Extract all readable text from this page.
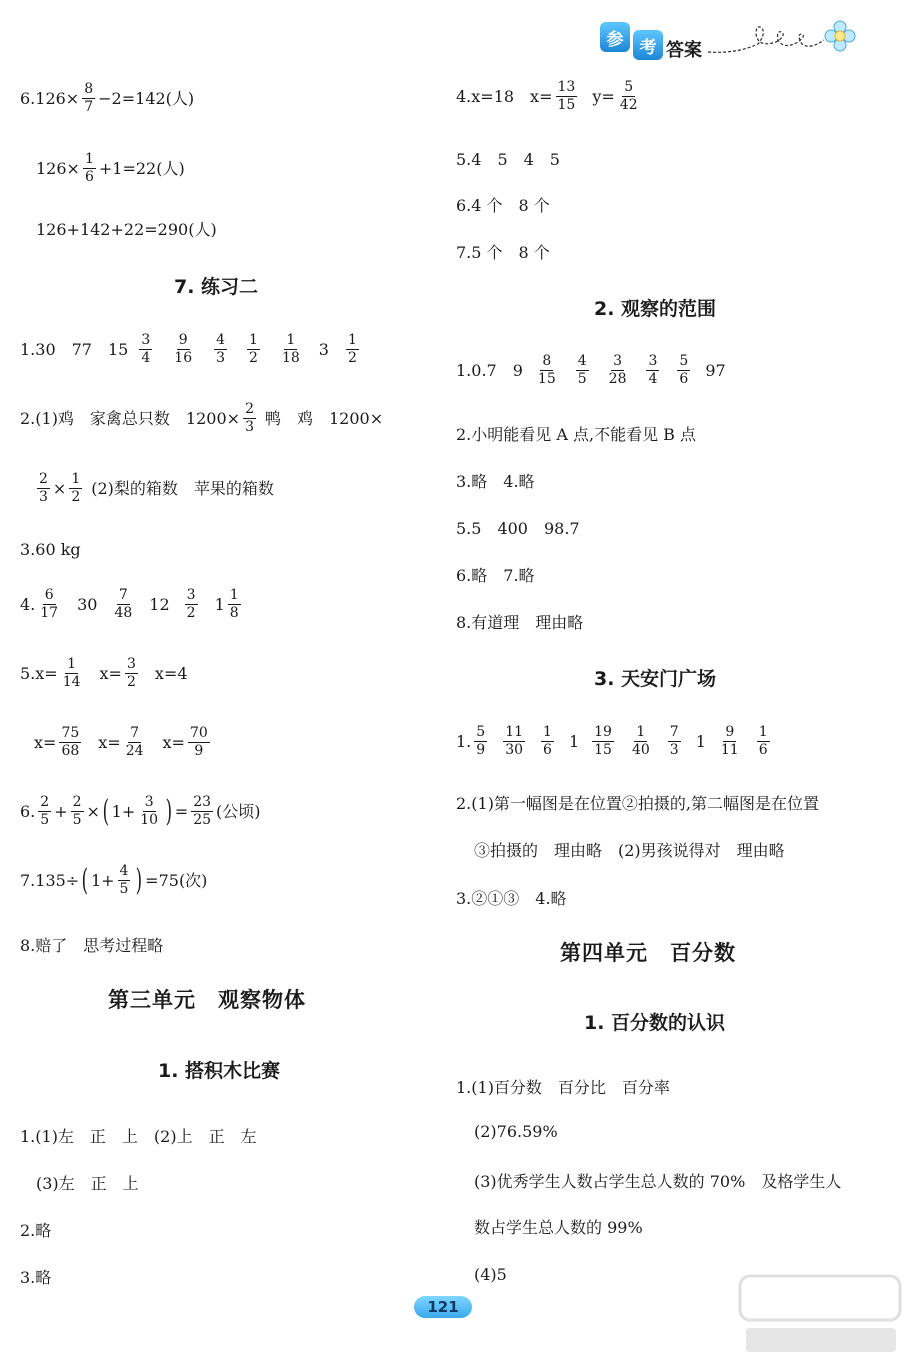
参 考 答案
$6.126\times \frac{8}{7} -2=142$(人)
$126\times \frac{1}{6} +1=22$(人)
126+142+22=290(人)
7. 练习二
1.30　77　$15 \frac{3}{4} \frac{9}{16} \frac{4}{3} \frac{1}{2} \frac{1}{18} 3 \frac{1}{2}$
2.(1)鸡　家禽总只数　$1200\times \frac{2}{3}$ 鸭　鸡　1200×
$\frac{2}{3} \times \frac{1}{2} (2)$梨的箱数　苹果的箱数
3.60 kg
4. $\frac{6}{17} 30 \frac{7}{48} 12 \frac{3}{2} 1 \frac{1}{8}$
$5.x= \frac{1}{14} x= \frac{3}{2} x=4$
$x= \frac{75}{68} x= \frac{7}{24} x= \frac{70}{9}$
6. $\frac{2}{5} + \frac{2}{5}$ × ( $1+ \frac{3}{10}$ ) = $\frac{23}{25}$ (公顷)
7.135÷ ( $1+ \frac{4}{5}$ ) =75(次)
8.赔了　思考过程略
第三单元　观察物体
1. 搭积木比赛
1.(1)左　正　上　(2)上　正　左
(3)左　正　上
2.略
3.略
4.x=18　$x= \frac{13}{15} y= \frac{5}{42}$
5.4　5　4　5
6.4 个　8 个
7.5 个　8 个
2. 观察的范围
1.0.7　$9 \frac{8}{15} \frac{4}{5} \frac{3}{28} \frac{3}{4} \frac{5}{6} 97$
2.小明能看见 A 点,不能看见 B 点
3.略　4.略
5.5　400　98.7
6.略　7.略
8.有道理　理由略
3. 天安门广场
1. $\frac{5}{9} \frac{11}{30} \frac{1}{6} 1 \frac{19}{15} \frac{1}{40} \frac{7}{3} 1 \frac{9}{11} \frac{1}{6}$
2.(1)第一幅图是在位置②拍摄的,第二幅图是在位置
③拍摄的　理由略　(2)男孩说得对　理由略
3.②①③　4.略
第四单元　百分数
1. 百分数的认识
1.(1)百分数　百分比　百分率
(2)76.59%
(3)优秀学生人数占学生总人数的 70%　及格学生人
数占学生总人数的 99%
(4)5
121
